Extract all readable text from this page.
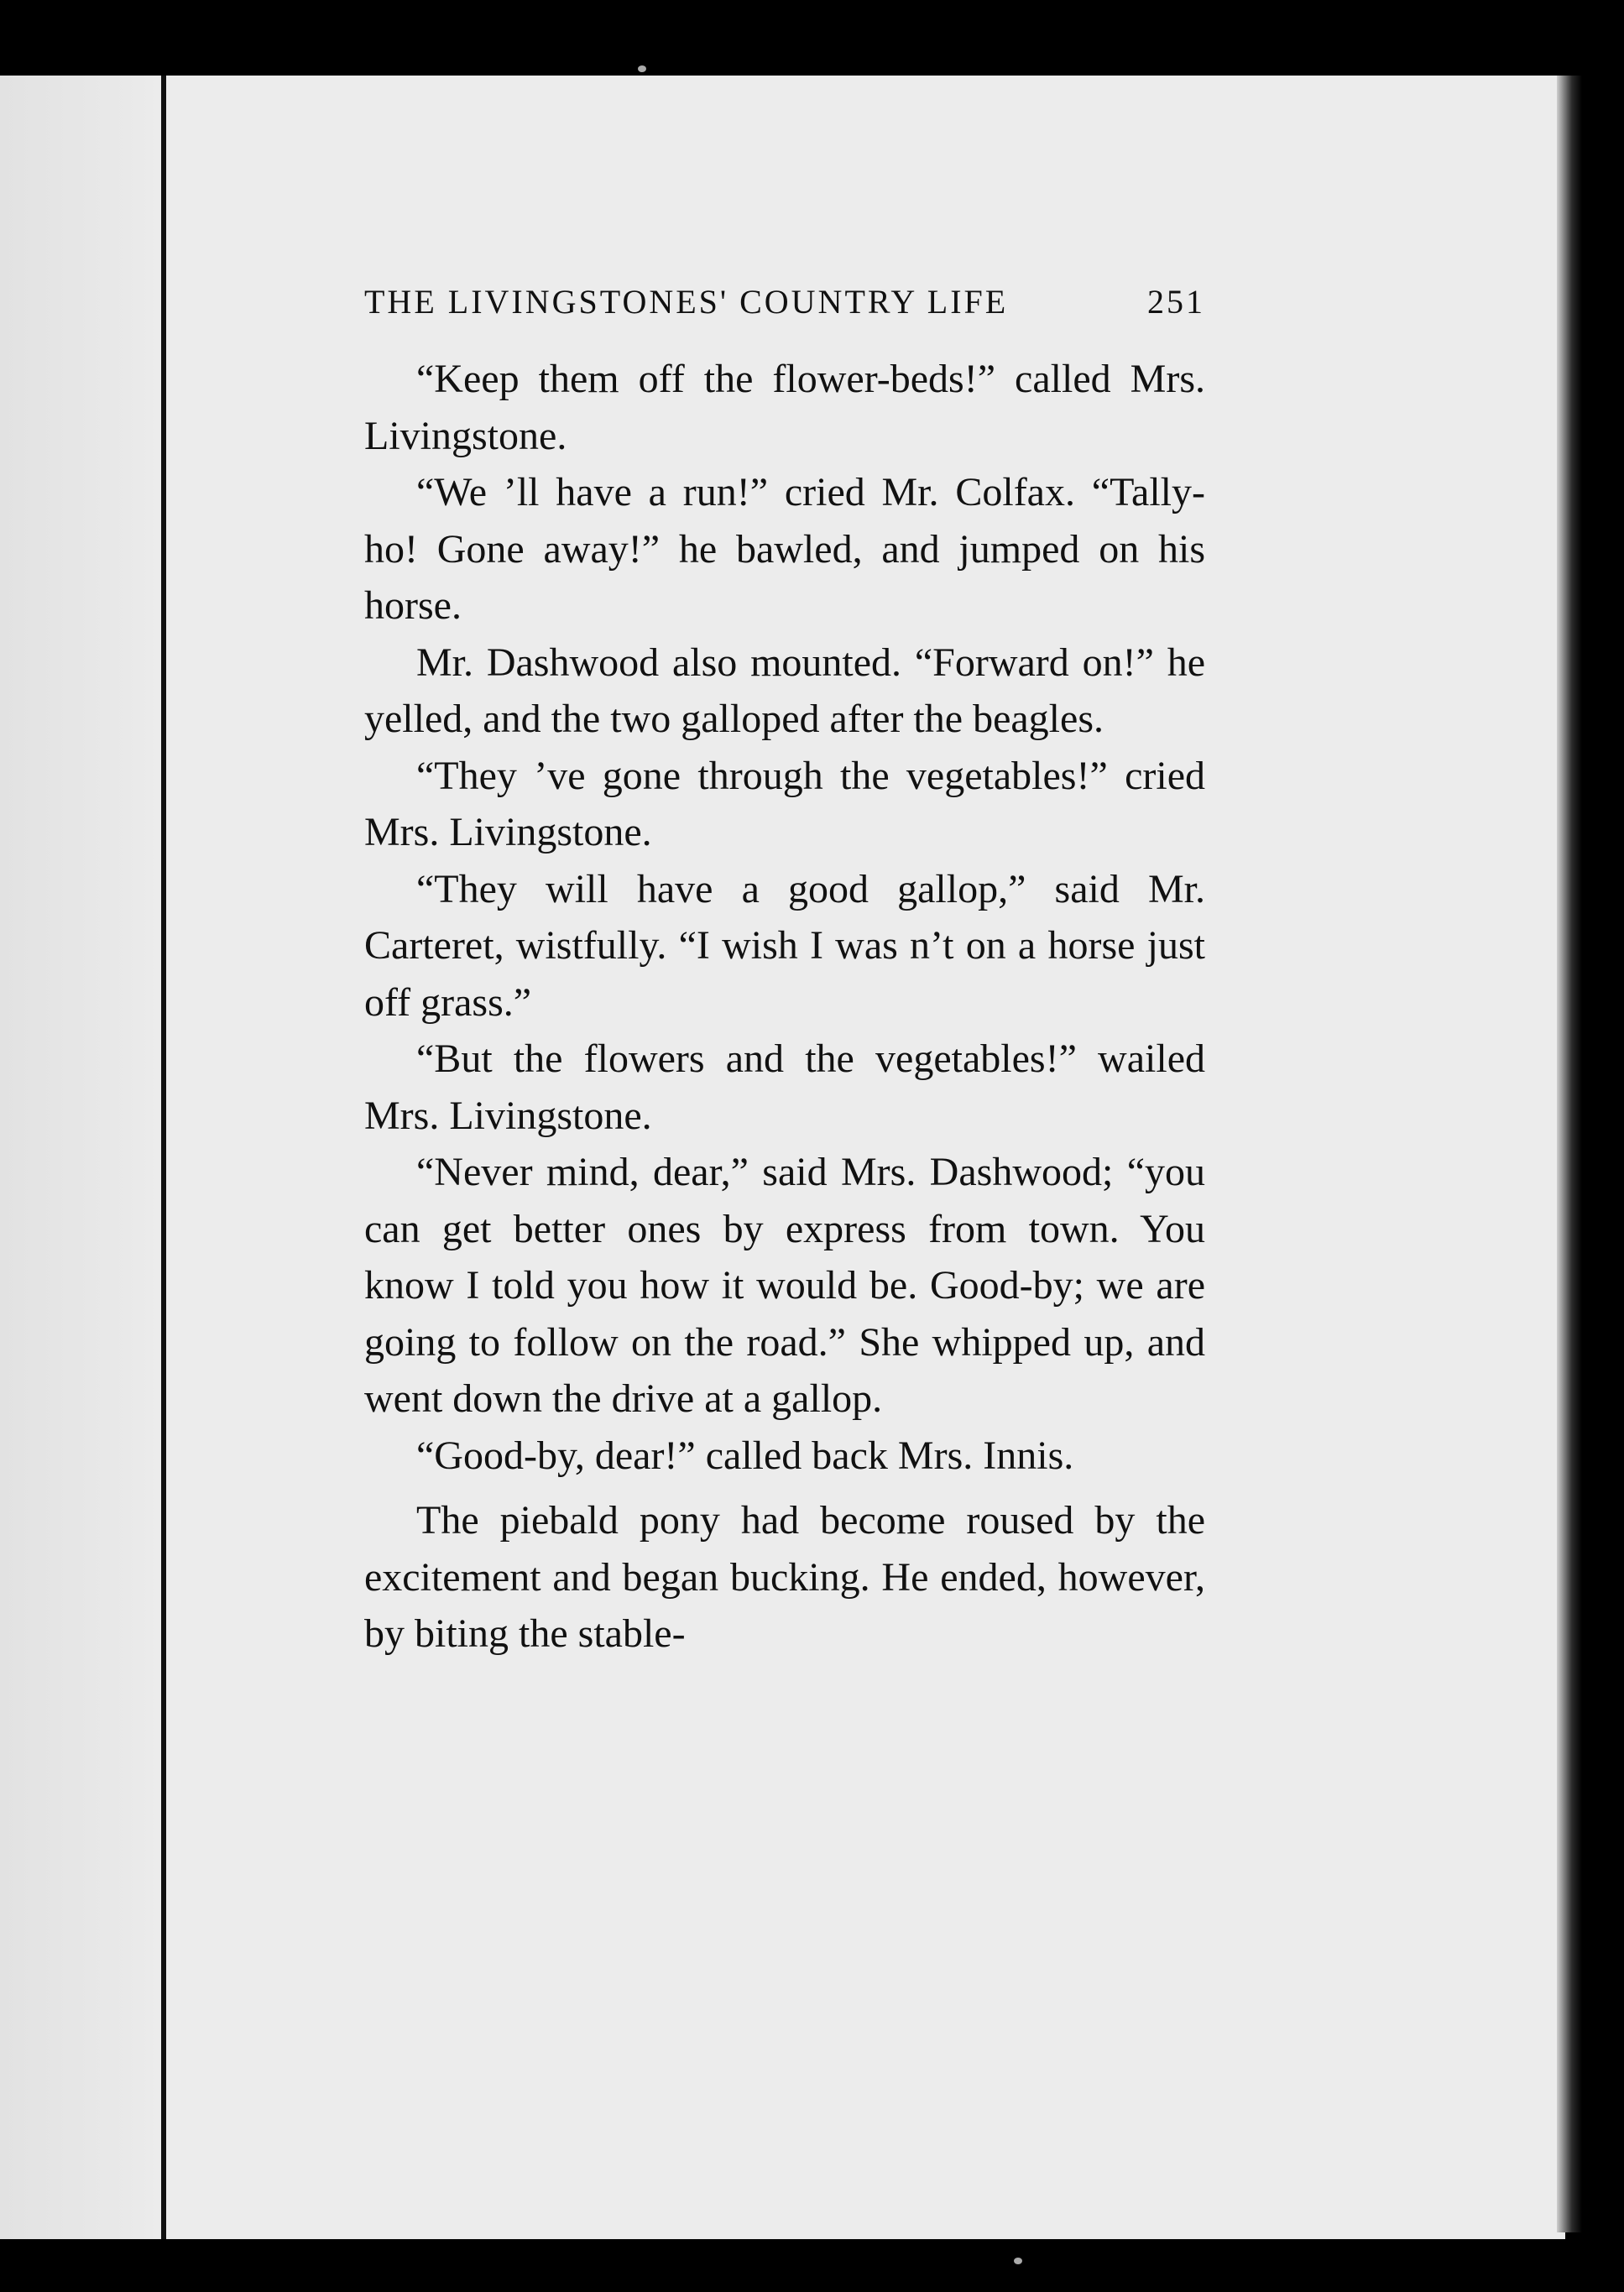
THE LIVINGSTONES' COUNTRY LIFE	251

“Keep them off the flower-beds!” called Mrs. Livingstone.

“We ’ll have a run!” cried Mr. Colfax. “Tally-ho! Gone away!” he bawled, and jumped on his horse.

Mr. Dashwood also mounted. “Forward on!” he yelled, and the two galloped after the beagles.

“They ’ve gone through the vegetables!” cried Mrs. Livingstone.

“They will have a good gallop,” said Mr. Carteret, wistfully. “I wish I was n’t on a horse just off grass.”

“But the flowers and the vegetables!” wailed Mrs. Livingstone.

“Never mind, dear,” said Mrs. Dashwood; “you can get better ones by express from town. You know I told you how it would be. Good-by; we are going to follow on the road.” She whipped up, and went down the drive at a gallop.

“Good-by, dear!” called back Mrs. Innis.

The piebald pony had become roused by the excitement and began bucking. He ended, however, by biting the stable-
